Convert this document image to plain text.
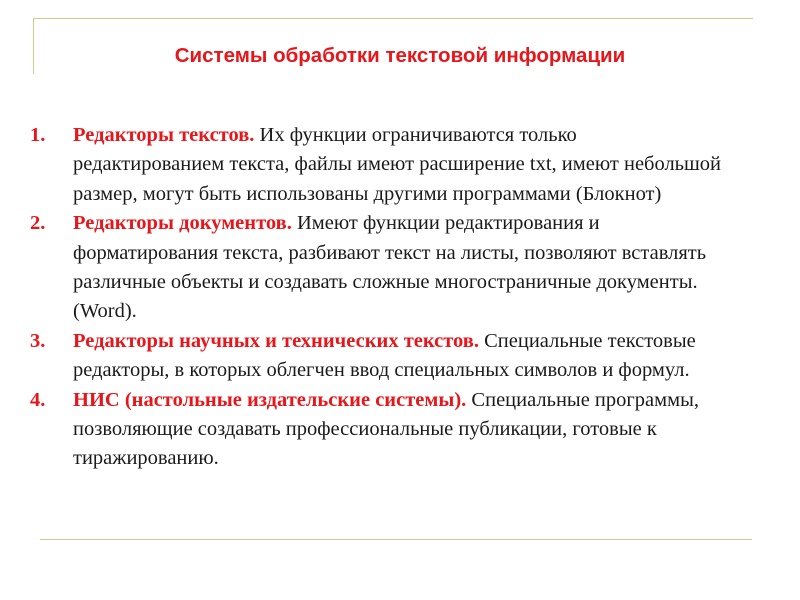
Системы обработки текстовой информации
1. Редакторы текстов. Их функции ограничиваются только редактированием текста, файлы имеют расширение txt, имеют небольшой размер, могут быть использованы другими программами (Блокнот)
2. Редакторы документов. Имеют функции редактирования и форматирования текста, разбивают текст на листы, позволяют вставлять различные объекты и создавать сложные многостраничные документы. (Word).
3. Редакторы научных и технических текстов. Специальные текстовые редакторы, в которых облегчен ввод специальных символов и формул.
4. НИС (настольные издательские системы). Специальные программы, позволяющие создавать профессиональные публикации, готовые к тиражированию.
